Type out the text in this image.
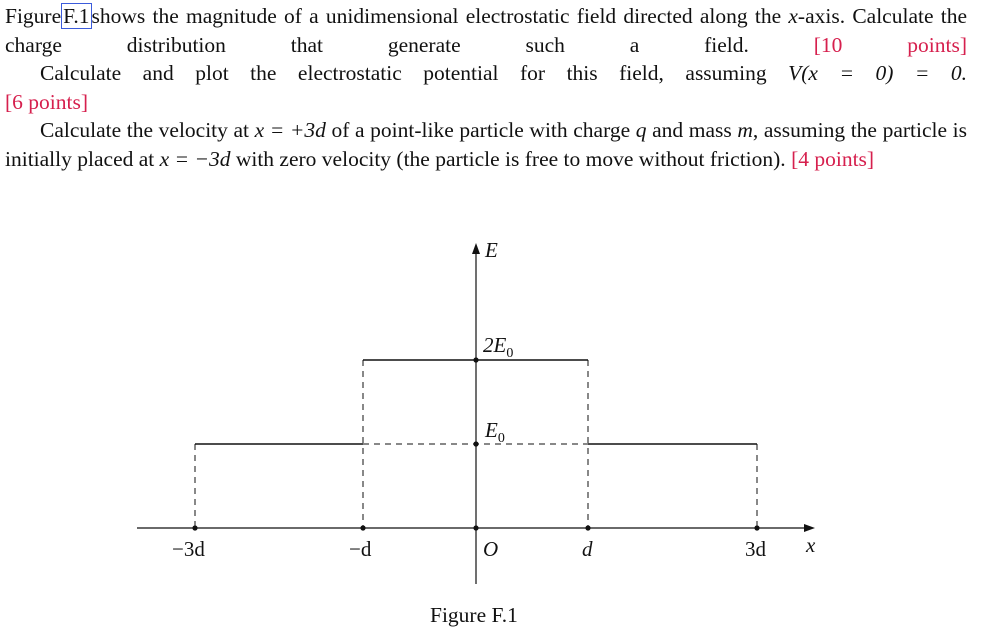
FigureF.1shows the magnitude of a unidimensional electrostatic field directed along the x-axis. Calculate the charge distribution that generate such a field.	[10 points]

Calculate and plot the electrostatic potential for this field, assuming V(x = 0) = 0.

[6 points]

Calculate the velocity at x = +3d of a point-like particle with charge q and mass m, assuming the particle is initially placed at x = −3d with zero velocity (the particle is free to move without friction). [4 points]

E
$2E_0$
$E_0$
−3d	−d	O	d	3d x
Figure F.1
